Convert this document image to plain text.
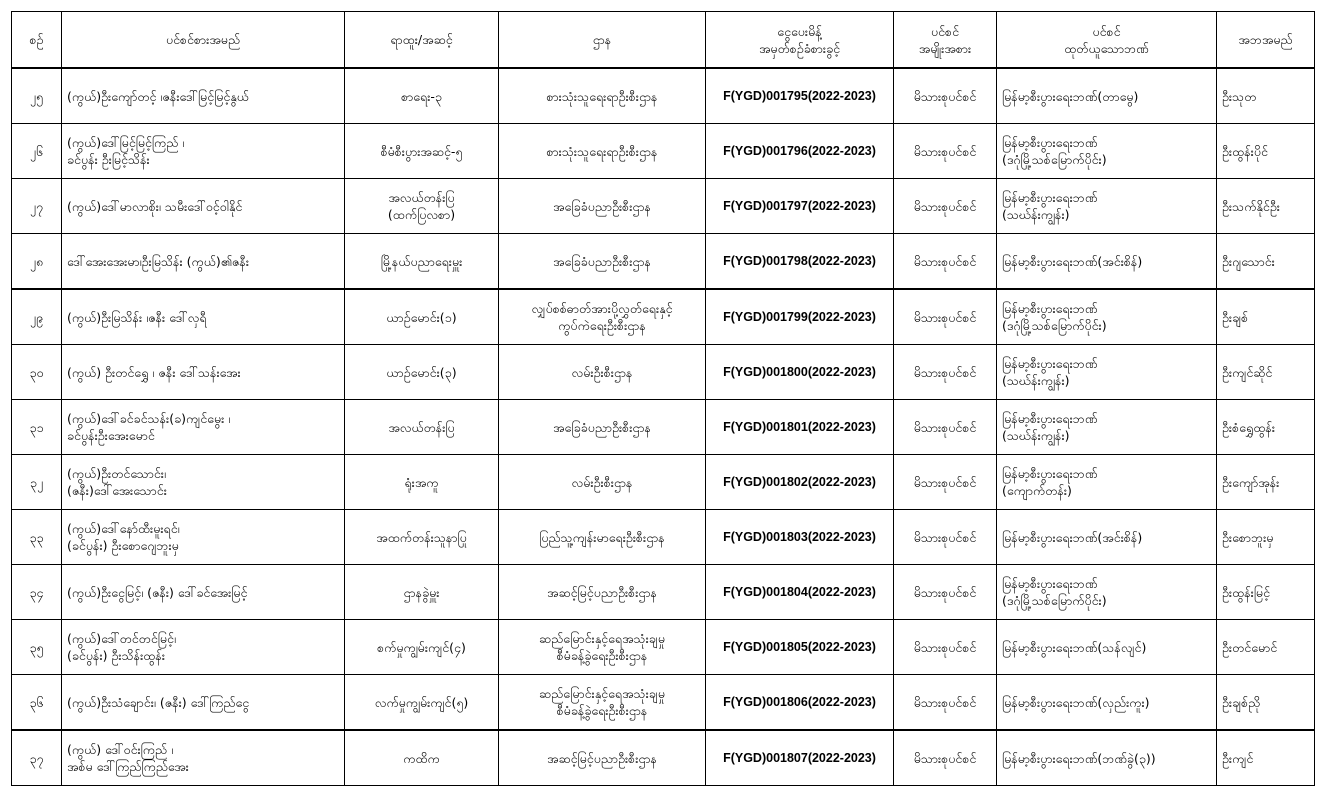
စဉ်	ပင်စင်စားအမည်	ရာထူး/အဆင့်	ဌာန	ငွေပေးမိန့်
အမှတ်စဉ်ခံစားခွင့်	ပင်စင်
အမျိုးအစား	ပင်စင်
ထုတ်ယူသောဘဏ်	အဘအမည်

၂၅	(ကွယ်)ဦးကျော်တင့် ၊ဇနီးဒေါ်မြင့်မြင့်နွယ်	စာရေး-၃	စားသုံးသူရေးရာဦးစီးဌာန	F(YGD)001795(2022-2023)	မိသားစုပင်စင်	မြန်မာ့စီးပွားရေးဘဏ်(တာမွေ)	ဦးသုတ

၂၆	(ကွယ်)ဒေါ်မြင့်မြင့်ကြည် ၊
ခင်ပွန်း ဦးမြင့်သိန်း	စီမံစီးပွားအဆင့်-၅	စားသုံးသူရေးရာဦးစီးဌာန	F(YGD)001796(2022-2023)	မိသားစုပင်စင်	မြန်မာ့စီးပွားရေးဘဏ်
(ဒဂုံမြို့သစ်မြောက်ပိုင်း)	ဦးထွန်းပိုင်

၂၇	(ကွယ်)ဒေါ်မာလာစိုး၊ သမီးဒေါ်ဝင့်ဝါနိုင်	အလယ်တန်းပြ
(ထက်ပြလစာ)	အခြေခံပညာဦးစီးဌာန	F(YGD)001797(2022-2023)	မိသားစုပင်စင်	မြန်မာ့စီးပွားရေးဘဏ်
(သဃ်န်းကျွန်း)	ဦးသက်နိုင်ဦး

၂၈	ဒေါ်အေးအေးမာ၊ဦးမြသိန်း (ကွယ်)၏ဇနီး	မြို့နယ်ပညာရေးမှူး	အခြေခံပညာဦးစီးဌာန	F(YGD)001798(2022-2023)	မိသားစုပင်စင်	မြန်မာ့စီးပွားရေးဘဏ်(အင်းစိန်)	ဦးဂျသောင်း

၂၉	(ကွယ်)ဦးမြသိန်း ၊ဇနီး ဒေါ်လှရီ	ယာဉ်မောင်း(၁)	လျှပ်စစ်ဓာတ်အားပို့လွှတ်ရေးနှင့်
ကွပ်ကဲရေးဦးစီးဌာန	F(YGD)001799(2022-2023)	မိသားစုပင်စင်	မြန်မာ့စီးပွားရေးဘဏ်
(ဒဂုံမြို့သစ်မြောက်ပိုင်း)	ဦးချစ်

၃၀	(ကွယ်) ဦးတင်ရွှေ ၊ ဇနီး ဒေါ်သန်းအေး	ယာဉ်မောင်း(၃)	လမ်းဦးစီးဌာန	F(YGD)001800(2022-2023)	မိသားစုပင်စင်	မြန်မာ့စီးပွားရေးဘဏ်
(သဃ်န်းကျွန်း)	ဦးကျင်ဆိုင်

၃၁	(ကွယ်)ဒေါ်ခင်ခင်သန်း(ခ)ကျင်မွေး ၊
ခင်ပွန်းဦးအေးမောင်	အလယ်တန်းပြ	အခြေခံပညာဦးစီးဌာန	F(YGD)001801(2022-2023)	မိသားစုပင်စင်	မြန်မာ့စီးပွားရေးဘဏ်
(သဃ်န်းကျွန်း)	ဦးစံရွှေထွန်း

၃၂	(ကွယ်)ဦးတင်သောင်း၊
(ဇနီး)ဒေါ်အေးသောင်း	ရုံးအကူ	လမ်းဦးစီးဌာန	F(YGD)001802(2022-2023)	မိသားစုပင်စင်	မြန်မာ့စီးပွားရေးဘဏ်
(ကျောက်တန်း)	ဦးကျော်အုန်း

၃၃	(ကွယ်)ဒေါ်နော်ထီးမူးရင်၊
(ခင်ပွန်း) ဦးစောဂျေဘူးမှ	အထက်တန်းသူနာပြု	ပြည်သူ့ကျန်းမာရေးဦးစီးဌာန	F(YGD)001803(2022-2023)	မိသားစုပင်စင်	မြန်မာ့စီးပွားရေးဘဏ်(အင်းစိန်)	ဦးစောဘူးမှ

၃၄	(ကွယ်)ဦးငွေမြင့်၊ (ဇနီး) ဒေါ်ခင်အေးမြင့်	ဌာနခွဲမှူး	အဆင့်မြင့်ပညာဦးစီးဌာန	F(YGD)001804(2022-2023)	မိသားစုပင်စင်	မြန်မာ့စီးပွားရေးဘဏ်
(ဒဂုံမြို့သစ်မြောက်ပိုင်း)	ဦးထွန်းမြင့်

၃၅	(ကွယ်)ဒေါ်တင်တင်မြင့်၊
(ခင်ပွန်း) ဦးသိန်းထွန်း	စက်မှုကျွမ်းကျင်(၄)	ဆည်မြောင်းနှင့်ရေအသုံးချမှု
စီမံခန့်ခွဲရေးဦးစီးဌာန	F(YGD)001805(2022-2023)	မိသားစုပင်စင်	မြန်မာ့စီးပွားရေးဘဏ်(သန်လျင်)	ဦးတင်မောင်

၃၆	(ကွယ်)ဦးသံချောင်း၊ (ဇနီး) ဒေါ်ကြည်ငွေ	လက်မှုကျွမ်းကျင်(၅)	ဆည်မြောင်းနှင့်ရေအသုံးချမှု
စီမံခန့်ခွဲရေးဦးစီးဌာန	F(YGD)001806(2022-2023)	မိသားစုပင်စင်	မြန်မာ့စီးပွားရေးဘဏ်(လှည်းကူး)	ဦးချစ်ညို

၃၇	(ကွယ်) ဒေါ်ဝင်းကြည် ၊
အစ်မ ဒေါ်ကြည်ကြည်အေး	ကထိက	အဆင့်မြင့်ပညာဦးစီးဌာန	F(YGD)001807(2022-2023)	မိသားစုပင်စင်	မြန်မာ့စီးပွားရေးဘဏ်(ဘဏ်ခွဲ(၃))	ဦးကျင်
